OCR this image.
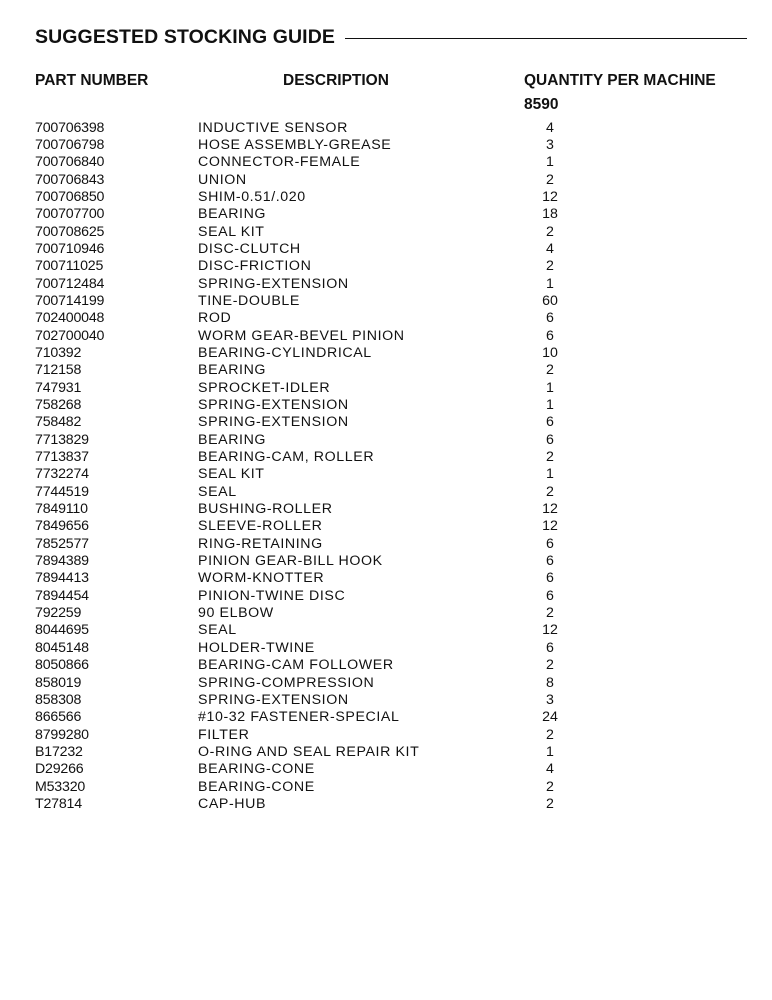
SUGGESTED STOCKING GUIDE
PART NUMBER	DESCRIPTION	QUANTITY PER MACHINE
8590
700706398	INDUCTIVE SENSOR	4
700706798	HOSE ASSEMBLY-GREASE	3
700706840	CONNECTOR-FEMALE	1
700706843	UNION	2
700706850	SHIM-0.51/.020	12
700707700	BEARING	18
700708625	SEAL KIT	2
700710946	DISC-CLUTCH	4
700711025	DISC-FRICTION	2
700712484	SPRING-EXTENSION	1
700714199	TINE-DOUBLE	60
702400048	ROD	6
702700040	WORM GEAR-BEVEL PINION	6
710392	BEARING-CYLINDRICAL	10
712158	BEARING	2
747931	SPROCKET-IDLER	1
758268	SPRING-EXTENSION	1
758482	SPRING-EXTENSION	6
7713829	BEARING	6
7713837	BEARING-CAM, ROLLER	2
7732274	SEAL KIT	1
7744519	SEAL	2
7849110	BUSHING-ROLLER	12
7849656	SLEEVE-ROLLER	12
7852577	RING-RETAINING	6
7894389	PINION GEAR-BILL HOOK	6
7894413	WORM-KNOTTER	6
7894454	PINION-TWINE DISC	6
792259	90 ELBOW	2
8044695	SEAL	12
8045148	HOLDER-TWINE	6
8050866	BEARING-CAM FOLLOWER	2
858019	SPRING-COMPRESSION	8
858308	SPRING-EXTENSION	3
866566	#10-32 FASTENER-SPECIAL	24
8799280	FILTER	2
B17232	O-RING AND SEAL REPAIR KIT	1
D29266	BEARING-CONE	4
M53320	BEARING-CONE	2
T27814	CAP-HUB	2
